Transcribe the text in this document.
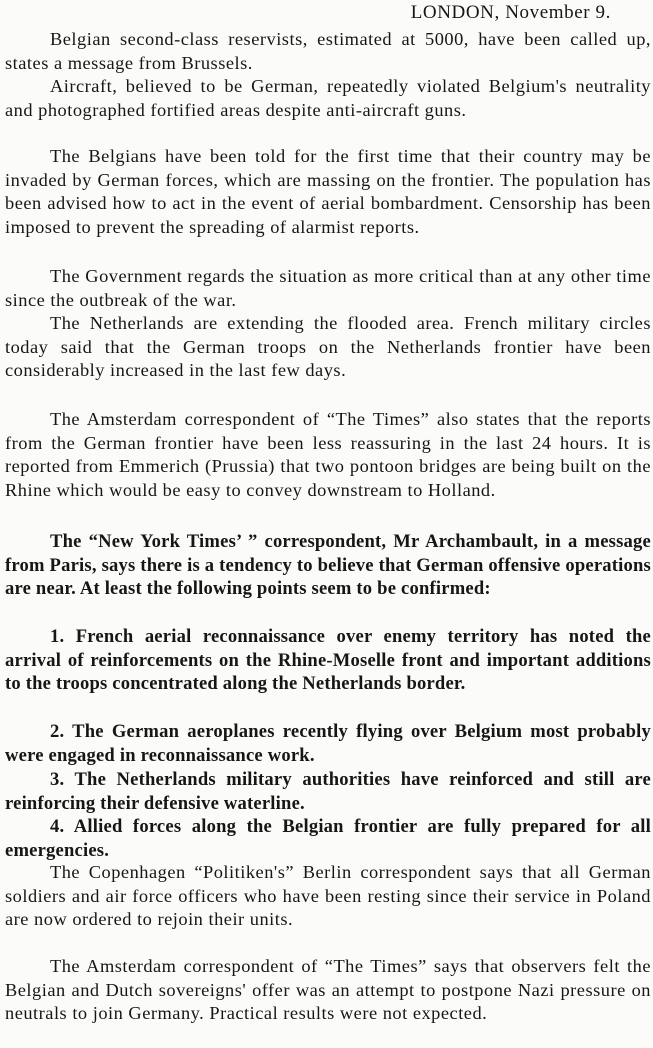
LONDON, November 9.

Belgian second-class reservists, estimated at 5000, have been called up, states a message from Brussels.

Aircraft, believed to be German, repeatedly violated Belgium's neutrality and photographed fortified areas despite anti-aircraft guns.

The Belgians have been told for the first time that their country may be invaded by German forces, which are massing on the frontier. The population has been advised how to act in the event of aerial bombardment. Censorship has been imposed to prevent the spreading of alarmist reports.

The Government regards the situation as more critical than at any other time since the outbreak of the war.

The Netherlands are extending the flooded area. French military circles today said that the German troops on the Netherlands frontier have been considerably increased in the last few days.

The Amsterdam correspondent of “The Times” also states that the reports from the German frontier have been less reassuring in the last 24 hours. It is reported from Emmerich (Prussia) that two pontoon bridges are being built on the Rhine which would be easy to convey downstream to Holland.

The “New York Times’ ” correspondent, Mr Archambault, in a message from Paris, says there is a tendency to believe that German offensive operations are near. At least the following points seem to be confirmed:

1. French aerial reconnaissance over enemy territory has noted the arrival of reinforcements on the Rhine-Moselle front and important additions to the troops concentrated along the Netherlands border.

2. The German aeroplanes recently flying over Belgium most probably were engaged in reconnaissance work.

3. The Netherlands military authorities have reinforced and still are reinforcing their defensive waterline.

4. Allied forces along the Belgian frontier are fully prepared for all emergencies.

The Copenhagen “Politiken's” Berlin correspondent says that all German soldiers and air force officers who have been resting since their service in Poland are now ordered to rejoin their units.

The Amsterdam correspondent of “The Times” says that observers felt the Belgian and Dutch sovereigns' offer was an attempt to postpone Nazi pressure on neutrals to join Germany. Practical results were not expected.
